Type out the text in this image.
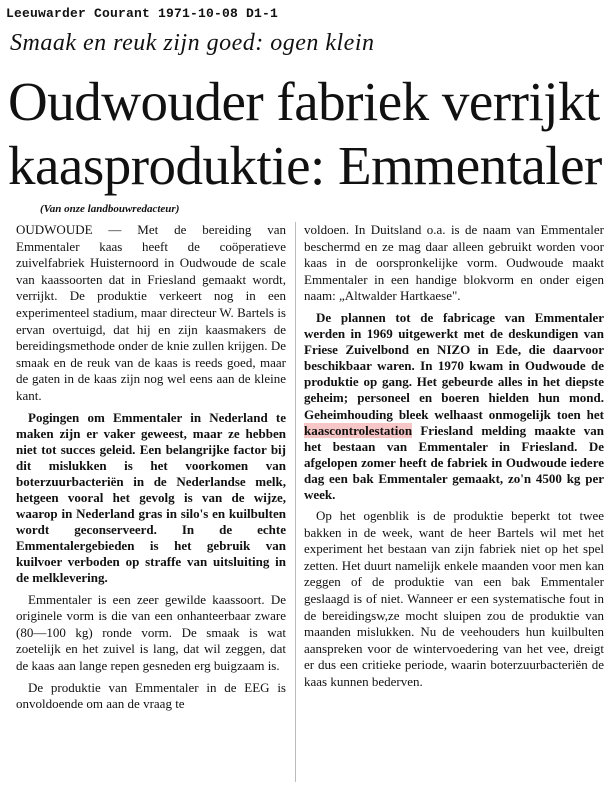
Leeuwarder Courant 1971-10-08 D1-1
Smaak en reuk zijn goed: ogen klein
Oudwouder fabriek verrijkt
kaasproduktie: Emmentaler
(Van onze landbouwredacteur)

OUDWOUDE — Met de bereiding van Emmentaler kaas heeft de coöperatieve zuivelfabriek Huisternoord in Oudwoude de scale van kaassoorten dat in Friesland gemaakt wordt, verrijkt. De produktie verkeert nog in een experimenteel stadium, maar directeur W. Bartels is ervan overtuigd, dat hij en zijn kaasmakers de bereidingsmethode onder de knie zullen krijgen. De smaak en de reuk van de kaas is reeds goed, maar de gaten in de kaas zijn nog wel eens aan de kleine kant.

Pogingen om Emmentaler in Nederland te maken zijn er vaker geweest, maar ze hebben niet tot succes geleid. Een belangrijke factor bij dit mislukken is het voorkomen van boterzuurbacteriën in de Nederlandse melk, hetgeen vooral het gevolg is van de wijze, waarop in Nederland gras in silo's en kuilbulten wordt geconserveerd. In de echte Emmentalergebieden is het gebruik van kuilvoer verboden op straffe van uitsluiting in de melklevering.

Emmentaler is een zeer gewilde kaassoort. De originele vorm is die van een onhanteerbaar zware (80—100 kg) ronde vorm. De smaak is wat zoetelijk en het zuivel is lang, dat wil zeggen, dat de kaas aan lange repen gesneden erg buigzaam is.

De produktie van Emmentaler in de EEG is onvoldoende om aan de vraag te

voldoen. In Duitsland o.a. is de naam van Emmentaler beschermd en ze mag daar alleen gebruikt worden voor kaas in de oorspronkelijke vorm. Oudwoude maakt Emmentaler in een handige blokvorm en onder eigen naam: „Altwalder Hartkaese".

De plannen tot de fabricage van Emmentaler werden in 1969 uitgewerkt met de deskundigen van Friese Zuivelbond en NIZO in Ede, die daarvoor beschikbaar waren. In 1970 kwam in Oudwoude de produktie op gang. Het gebeurde alles in het diepste geheim; personeel en boeren hielden hun mond. Geheimhouding bleek welhaast onmogelijk toen het kaascontrolestation Friesland melding maakte van het bestaan van Emmentaler in Friesland. De afgelopen zomer heeft de fabriek in Oudwoude iedere dag een bak Emmentaler gemaakt, zo'n 4500 kg per week.

Op het ogenblik is de produktie beperkt tot twee bakken in de week, want de heer Bartels wil met het experiment het bestaan van zijn fabriek niet op het spel zetten. Het duurt namelijk enkele maanden voor men kan zeggen of de produktie van een bak Emmentaler geslaagd is of niet. Wanneer er een systematische fout in de bereidingsw,ze mocht sluipen zou de produktie van maanden mislukken. Nu de veehouders hun kuilbulten aanspreken voor de wintervoedering van het vee, dreigt er dus een critieke periode, waarin boterzuurbacteriën de kaas kunnen bederven.
